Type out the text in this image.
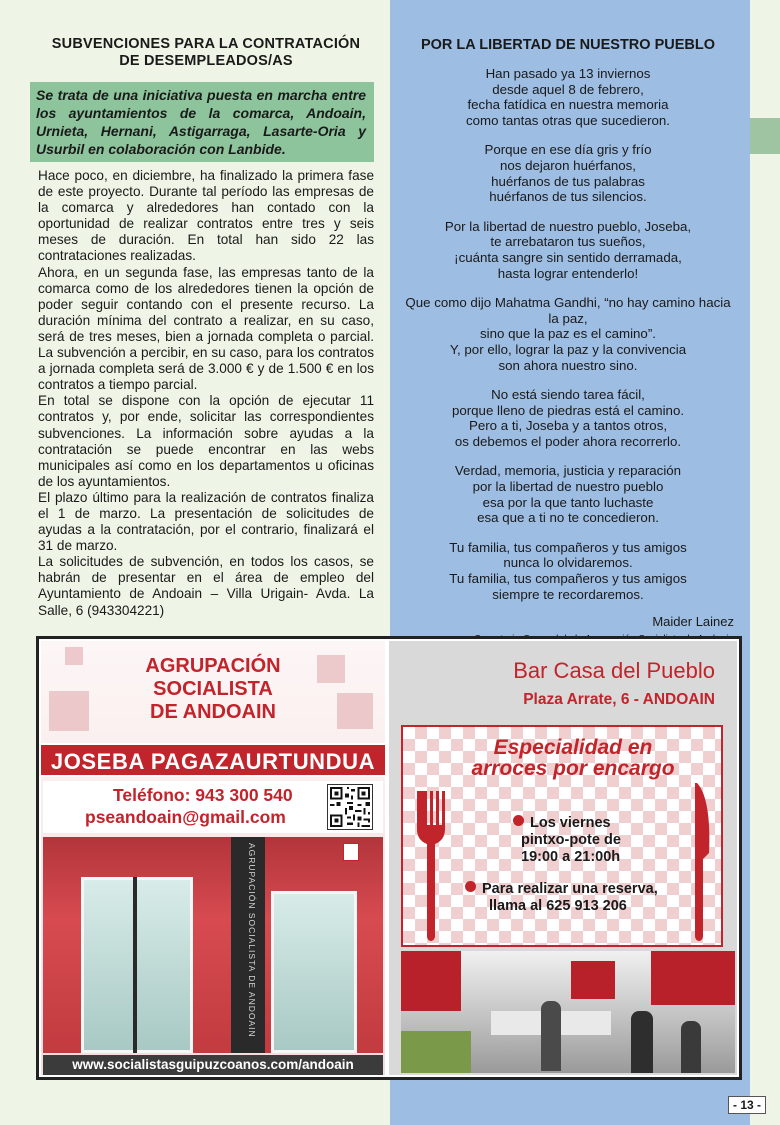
SUBVENCIONES PARA LA CONTRATACIÓN
DE DESEMPLEADOS/AS
Se trata de una iniciativa puesta en marcha entre los ayuntamientos de la comarca, Andoain, Urnieta, Hernani, Astigarraga, Lasarte-Oria y Usurbil en colaboración con Lanbide.

Hace poco, en diciembre, ha finalizado la primera fase de este proyecto. Durante tal período las empresas de la comarca y alrededores han contado con la oportunidad de realizar contratos entre tres y seis meses de duración. En total han sido 22 las contrataciones realizadas.

Ahora, en un segunda fase, las empresas tanto de la comarca como de los alrededores tienen la opción de poder seguir contando con el presente recurso. La duración mínima del contrato a realizar, en su caso, será de tres meses, bien a jornada completa o parcial. La subvención a percibir, en su caso, para los contratos a jornada completa será de 3.000 € y de 1.500 € en los contratos a tiempo parcial.

En total se dispone con la opción de ejecutar 11 contratos y, por ende, solicitar las correspondientes subvenciones. La información sobre ayudas a la contratación se puede encontrar en las webs municipales así como en los departamentos u oficinas de los ayuntamientos.

El plazo último para la realización de contratos finaliza el 1 de marzo. La presentación de solicitudes de ayudas a la contratación, por el contrario, finalizará el 31 de marzo.

La solicitudes de subvención, en todos los casos, se habrán de presentar en el área de empleo del Ayuntamiento de Andoain – Villa Urigain- Avda. La Salle, 6 (943304221)

POR LA LIBERTAD DE NUESTRO PUEBLO
Han pasado ya 13 inviernos
desde aquel 8 de febrero,
fecha fatídica en nuestra memoria
como tantas otras que sucedieron.
Porque en ese día gris y frío
nos dejaron huérfanos,
huérfanos de tus palabras
huérfanos de tus silencios.
Por la libertad de nuestro pueblo, Joseba,
te arrebataron tus sueños,
¡cuánta sangre sin sentido derramada,
hasta lograr entenderlo!
Que como dijo Mahatma Gandhi, “no hay camino hacia
la paz,
sino que la paz es el camino”.
Y, por ello, lograr la paz y la convivencia
son ahora nuestro sino.
No está siendo tarea fácil,
porque lleno de piedras está el camino.
Pero a ti, Joseba y a tantos otros,
os debemos el poder ahora recorrerlo.
Verdad, memoria, justicia y reparación
por la libertad de nuestro pueblo
esa por la que tanto luchaste
esa que a ti no te concedieron.
Tu familia, tus compañeros y tus amigos
nunca lo olvidaremos.
Tu familia, tus compañeros y tus amigos
siempre te recordaremos.
Maider Lainez
AGRUPACIÓN
SOCIALISTA
DE ANDOAIN
JOSEBA PAGAZAURTUNDUA
Teléfono: 943 300 540
pseandoain@gmail.com
AGRUPACIÓN SOCIALISTA DE ANDOAIN
www.socialistasguipuzcoanos.com/andoain
Bar Casa del Pueblo
Plaza Arrate, 6 - ANDOAIN
Especialidad en
arroces por encargo
Los viernes
pintxo-pote de
19:00 a 21:00h
Para realizar una reserva,
llama al 625 913 206
- 13 -
